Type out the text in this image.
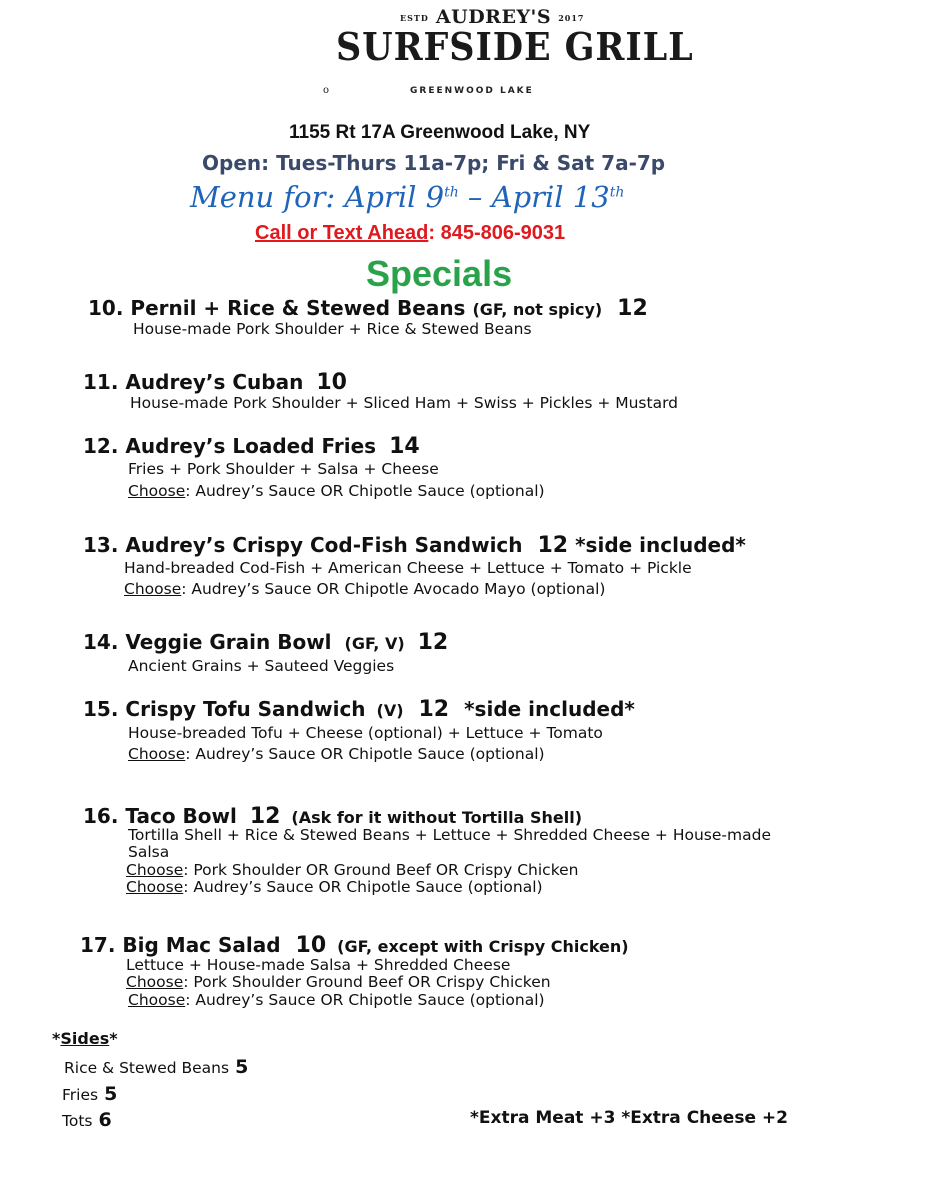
ESTD AUDREY'S 2017
SURFSIDE GRILL
GREENWOOD LAKE
o
1155 Rt 17A Greenwood Lake, NY
Open: Tues-Thurs 11a-7p; Fri & Sat 7a-7p
Menu for: April 9th – April 13th
Call or Text Ahead: 845-806-9031
Specials
10. Pernil + Rice & Stewed Beans (GF, not spicy) 12
House-made Pork Shoulder + Rice & Stewed Beans
11. Audrey’s Cuban 10
House-made Pork Shoulder + Sliced Ham + Swiss + Pickles + Mustard
12. Audrey’s Loaded Fries 14
Fries + Pork Shoulder + Salsa + Cheese
Choose: Audrey’s Sauce OR Chipotle Sauce (optional)
13. Audrey’s Crispy Cod-Fish Sandwich 12 *side included*
Hand-breaded Cod-Fish + American Cheese + Lettuce + Tomato + Pickle
Choose: Audrey’s Sauce OR Chipotle Avocado Mayo (optional)
14. Veggie Grain Bowl (GF, V) 12
Ancient Grains + Sauteed Veggies
15. Crispy Tofu Sandwich (V) 12 *side included*
House-breaded Tofu + Cheese (optional) + Lettuce + Tomato
Choose: Audrey’s Sauce OR Chipotle Sauce (optional)
16. Taco Bowl 12 (Ask for it without Tortilla Shell)
Tortilla Shell + Rice & Stewed Beans + Lettuce + Shredded Cheese + House-made Salsa
Choose: Pork Shoulder OR Ground Beef OR Crispy Chicken
Choose: Audrey’s Sauce OR Chipotle Sauce (optional)
17. Big Mac Salad 10 (GF, except with Crispy Chicken)
Lettuce + House-made Salsa + Shredded Cheese
Choose: Pork Shoulder Ground Beef OR Crispy Chicken
Choose: Audrey’s Sauce OR Chipotle Sauce (optional)
*Sides*
Rice & Stewed Beans 5
Fries 5
Tots 6	*Extra Meat +3 *Extra Cheese +2
